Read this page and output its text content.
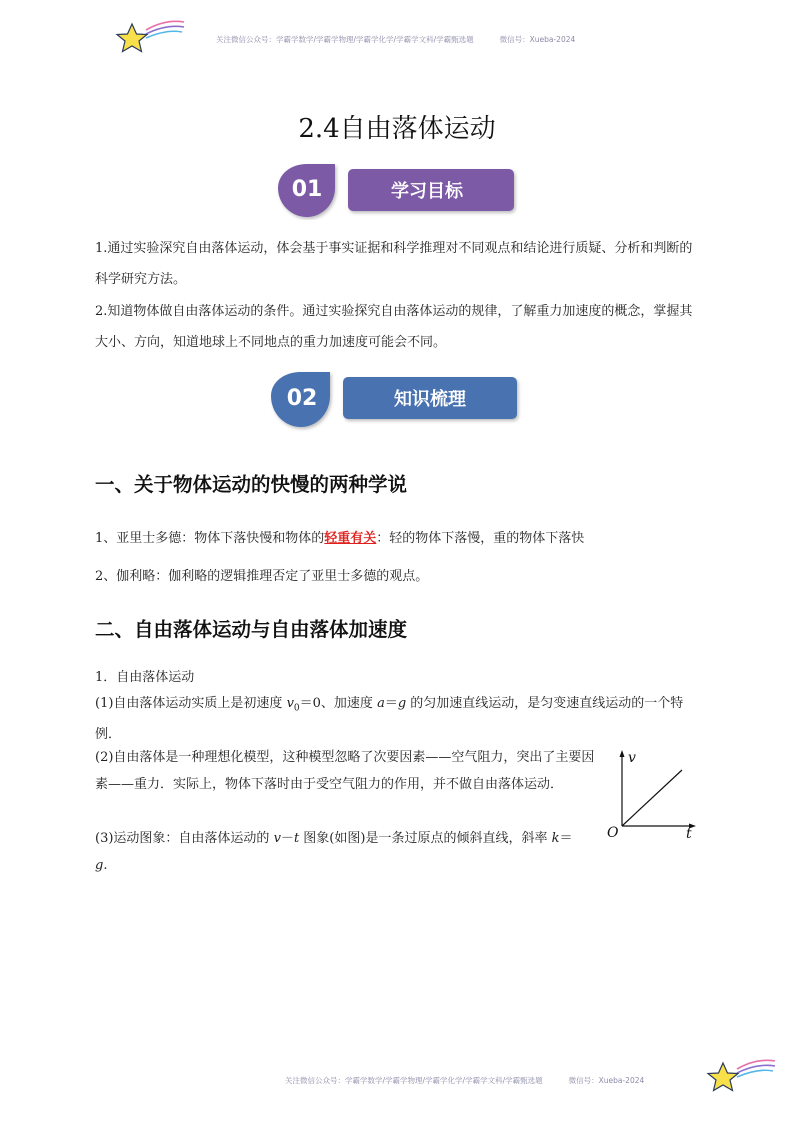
关注微信公众号：学霸学数学/学霸学物理/学霸学化学/学霸学文科/学霸甄选题	微信号：Xueba-2024
2.4自由落体运动
01	学习目标

1.通过实验深究自由落体运动，体会基于事实证据和科学推理对不同观点和结论进行质疑、分析和判断的科学研究方法。

2.知道物体做自由落体运动的条件。通过实验探究自由落体运动的规律，了解重力加速度的概念，掌握其大小、方向，知道地球上不同地点的重力加速度可能会不同。

02	知识梳理
一、关于物体运动的快慢的两种学说

1、亚里士多德：物体下落快慢和物体的轻重有关：轻的物体下落慢，重的物体下落快

2、伽利略：伽利略的逻辑推理否定了亚里士多德的观点。

二、自由落体运动与自由落体加速度

1．自由落体运动

(1)自由落体运动实质上是初速度 $v_0=0$、加速度 a＝g 的匀加速直线运动，是匀变速直线运动的一个特例．

(2)自由落体是一种理想化模型，这种模型忽略了次要因素——空气阻力，突出了主要因素——重力．实际上，物体下落时由于受空气阻力的作用，并不做自由落体运动．

(3)运动图象：自由落体运动的 v－t 图象(如图)是一条过原点的倾斜直线，斜率 k＝
g.

v
t
O
关注微信公众号：学霸学数学/学霸学物理/学霸学化学/学霸学文科/学霸甄选题	微信号：Xueba-2024
